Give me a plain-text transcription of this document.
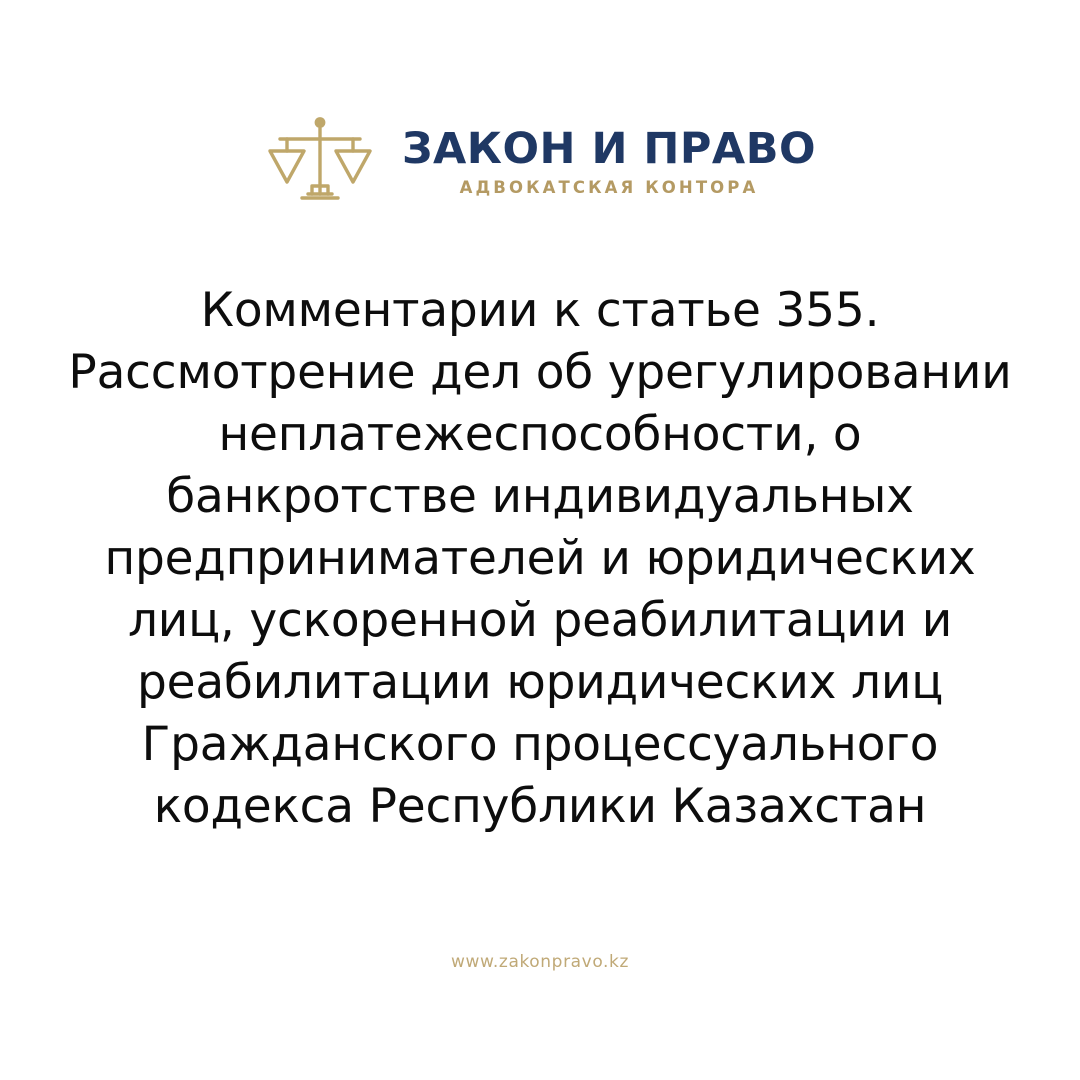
ЗАКОН И ПРАВО
АДВОКАТСКАЯ КОНТОРА
Комментарии к статье 355. Рассмотрение дел об урегулировании неплатежеспособности, о банкротстве индивидуальных предпринимателей и юридических лиц, ускоренной реабилитации и реабилитации юридических лиц Гражданского процессуального кодекса Республики Казахстан
www.zakonpravo.kz
